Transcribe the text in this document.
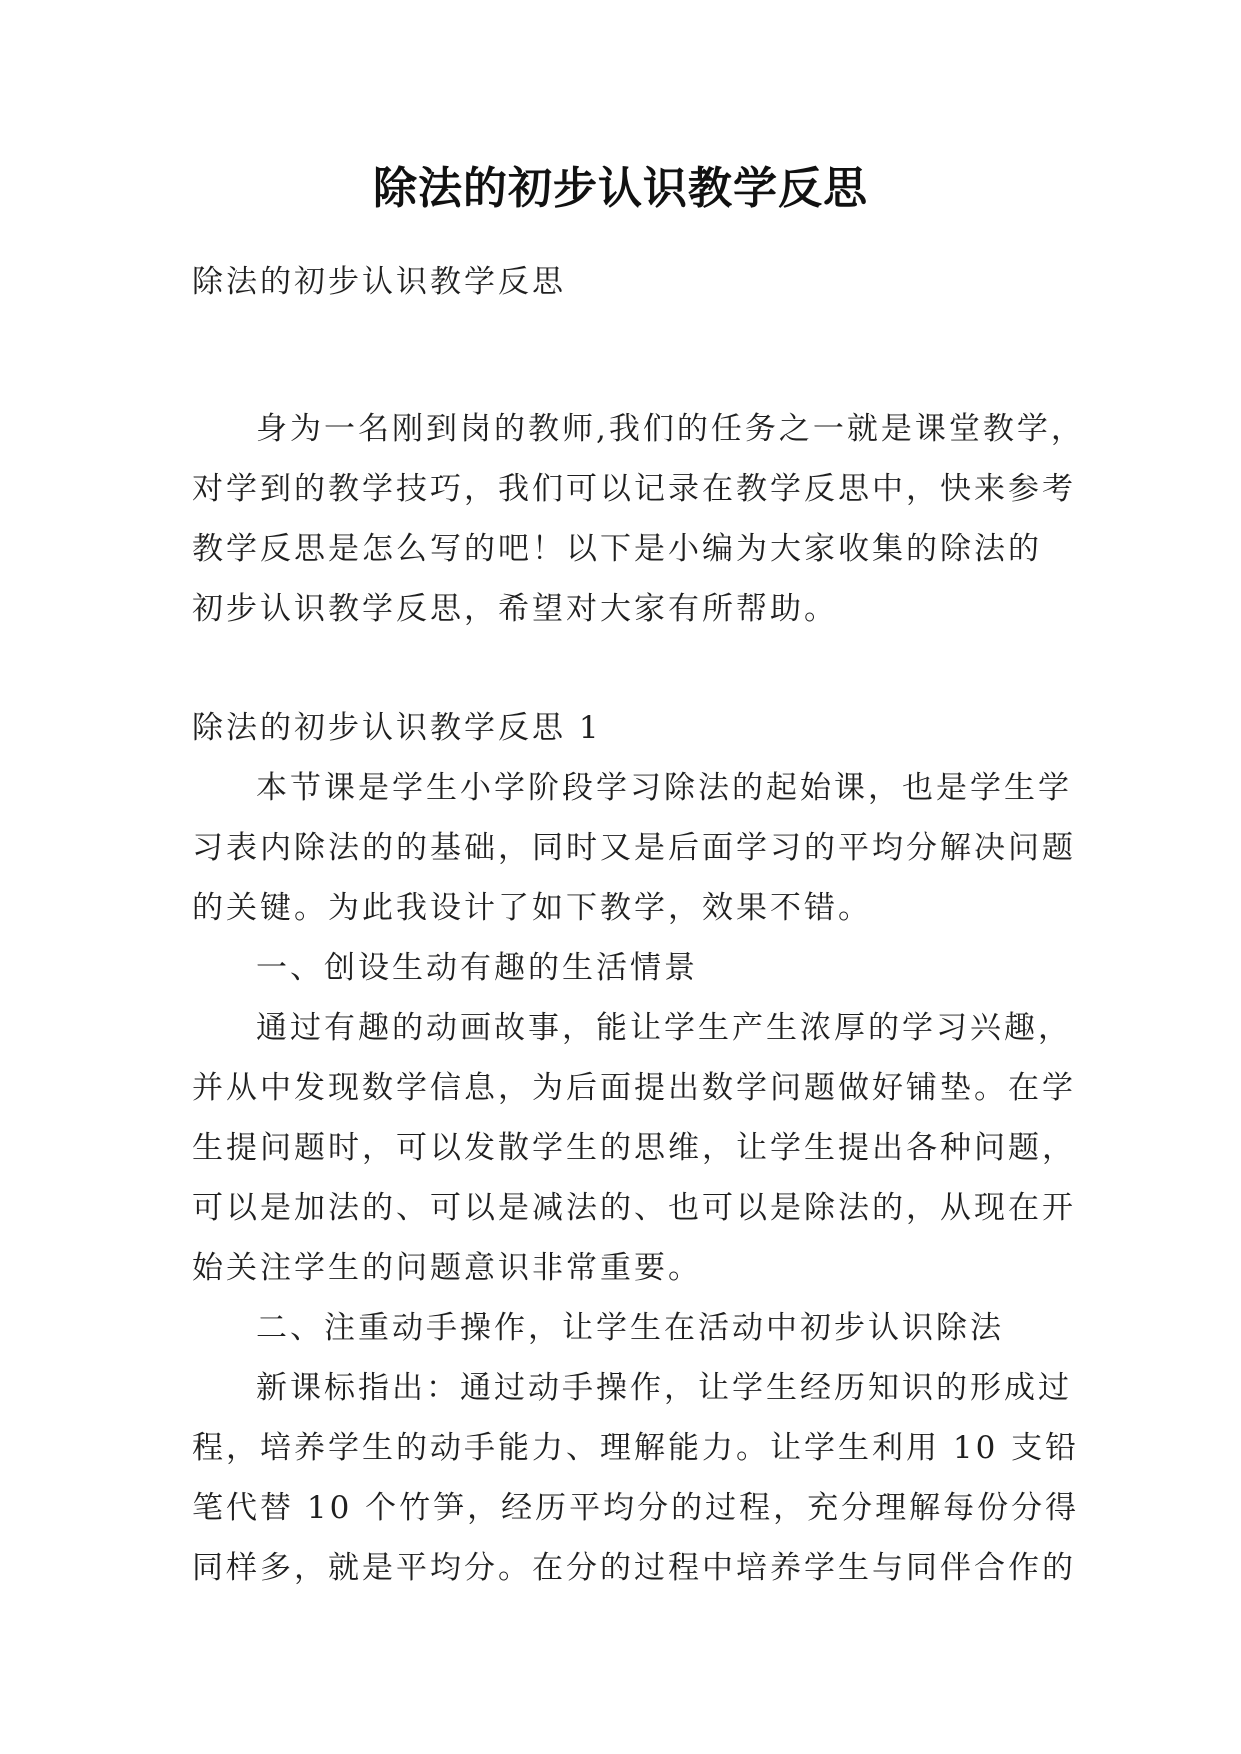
除法的初步认识教学反思
除法的初步认识教学反思
身为一名刚到岗的教师,我们的任务之一就是课堂教学，
对学到的教学技巧，我们可以记录在教学反思中，快来参考
教学反思是怎么写的吧！以下是小编为大家收集的除法的
初步认识教学反思，希望对大家有所帮助。
除法的初步认识教学反思 1
本节课是学生小学阶段学习除法的起始课，也是学生学
习表内除法的的基础，同时又是后面学习的平均分解决问题
的关键。为此我设计了如下教学，效果不错。
一、创设生动有趣的生活情景
通过有趣的动画故事，能让学生产生浓厚的学习兴趣，
并从中发现数学信息，为后面提出数学问题做好铺垫。在学
生提问题时，可以发散学生的思维，让学生提出各种问题，
可以是加法的、可以是减法的、也可以是除法的，从现在开
始关注学生的问题意识非常重要。
二、注重动手操作，让学生在活动中初步认识除法
新课标指出：通过动手操作，让学生经历知识的形成过
程，培养学生的动手能力、理解能力。让学生利用 10 支铅
笔代替 10 个竹笋，经历平均分的过程，充分理解每份分得
同样多，就是平均分。在分的过程中培养学生与同伴合作的
